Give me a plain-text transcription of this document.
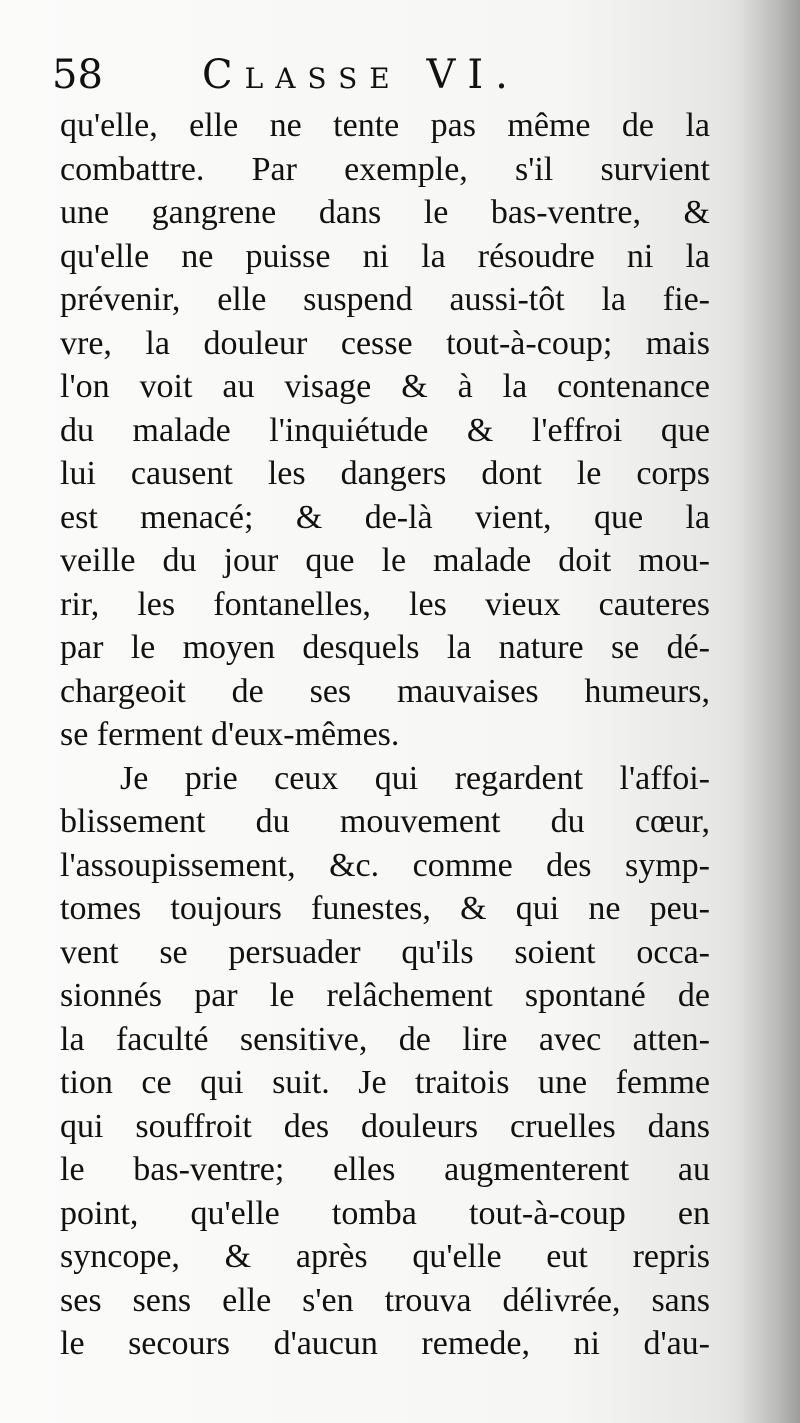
58 Classe VI.
qu'elle, elle ne tente pas même de la
combattre. Par exemple, s'il survient
une gangrene dans le bas-ventre, &
qu'elle ne puisse ni la résoudre ni la
prévenir, elle suspend aussi-tôt la fie-
vre, la douleur cesse tout-à-coup; mais
l'on voit au visage & à la contenance
du malade l'inquiétude & l'effroi que
lui causent les dangers dont le corps
est menacé; & de-là vient, que la
veille du jour que le malade doit mou-
rir, les fontanelles, les vieux cauteres
par le moyen desquels la nature se dé-
chargeoit de ses mauvaises humeurs,
se ferment d'eux-mêmes.
Je prie ceux qui regardent l'affoi-
blissement du mouvement du cœur,
l'assoupissement, &c. comme des symp-
tomes toujours funestes, & qui ne peu-
vent se persuader qu'ils soient occa-
sionnés par le relâchement spontané de
la faculté sensitive, de lire avec atten-
tion ce qui suit. Je traitois une femme
qui souffroit des douleurs cruelles dans
le bas-ventre; elles augmenterent au
point, qu'elle tomba tout-à-coup en
syncope, & après qu'elle eut repris
ses sens elle s'en trouva délivrée, sans
le secours d'aucun remede, ni d'au-
